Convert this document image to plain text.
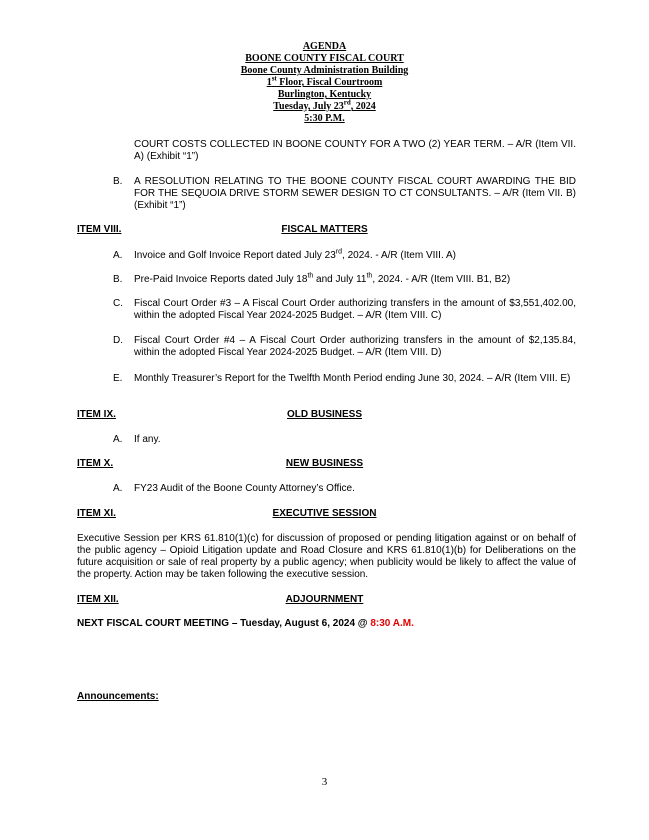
AGENDA
BOONE COUNTY FISCAL COURT
Boone County Administration Building
1st Floor, Fiscal Courtroom
Burlington, Kentucky
Tuesday, July 23rd, 2024
5:30 P.M.
COURT COSTS COLLECTED IN BOONE COUNTY FOR A TWO (2) YEAR TERM. – A/R (Item VII. A) (Exhibit “1”)
B. A RESOLUTION RELATING TO THE BOONE COUNTY FISCAL COURT AWARDING THE BID FOR THE SEQUOIA DRIVE STORM SEWER DESIGN TO CT CONSULTANTS. – A/R (Item VII. B) (Exhibit “1”)
ITEM VIII.	FISCAL MATTERS
A. Invoice and Golf Invoice Report dated July 23rd, 2024. - A/R (Item VIII. A)
B. Pre-Paid Invoice Reports dated July 18th and July 11th, 2024. - A/R (Item VIII. B1, B2)
C. Fiscal Court Order #3 – A Fiscal Court Order authorizing transfers in the amount of $3,551,402.00, within the adopted Fiscal Year 2024-2025 Budget. – A/R (Item VIII. C)
D. Fiscal Court Order #4 – A Fiscal Court Order authorizing transfers in the amount of $2,135.84, within the adopted Fiscal Year 2024-2025 Budget. – A/R (Item VIII. D)
E. Monthly Treasurer’s Report for the Twelfth Month Period ending June 30, 2024. – A/R (Item VIII. E)
ITEM IX.	OLD BUSINESS
A. If any.
ITEM X.	NEW BUSINESS
A. FY23 Audit of the Boone County Attorney’s Office.
ITEM XI.	EXECUTIVE SESSION
Executive Session per KRS 61.810(1)(c) for discussion of proposed or pending litigation against or on behalf of the public agency – Opioid Litigation update and Road Closure and KRS 61.810(1)(b) for Deliberations on the future acquisition or sale of real property by a public agency; when publicity would be likely to affect the value of the property. Action may be taken following the executive session.
ITEM XII.	ADJOURNMENT
NEXT FISCAL COURT MEETING – Tuesday, August 6, 2024 @ 8:30 A.M.
Announcements:
3
